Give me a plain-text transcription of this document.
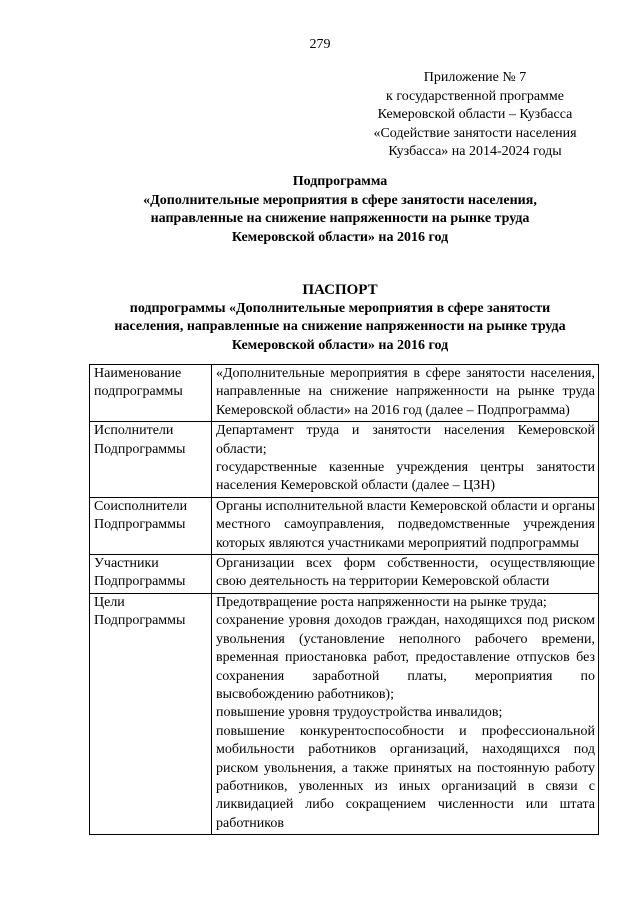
279
Приложение № 7
к государственной программе
Кемеровской области – Кузбасса
«Содействие занятости населения
Кузбасса» на 2014-2024 годы
Подпрограмма
«Дополнительные мероприятия в сфере занятости населения,
направленные на снижение напряженности на рынке труда
Кемеровской области» на 2016 год
ПАСПОРТ
подпрограммы «Дополнительные мероприятия в сфере занятости
населения, направленные на снижение напряженности на рынке труда
Кемеровской области» на 2016 год
Наименование подпрограммы	«Дополнительные мероприятия в сфере занятости населения, направленные на снижение напряженности на рынке труда Кемеровской области» на 2016 год (далее – Подпрограмма)

Исполнители Подпрограммы	Департамент труда и занятости населения Кемеровской области;
государственные казенные учреждения центры занятости населения Кемеровской области (далее – ЦЗН)

Соисполнители Подпрограммы	Органы исполнительной власти Кемеровской области и органы местного самоуправления, подведомственные учреждения которых являются участниками мероприятий подпрограммы

Участники Подпрограммы	Организации всех форм собственности, осуществляющие свою деятельность на территории Кемеровской области

Цели Подпрограммы	Предотвращение роста напряженности на рынке труда;
сохранение уровня доходов граждан, находящихся под риском увольнения (установление неполного рабочего времени, временная приостановка работ, предоставление отпусков без сохранения заработной платы, мероприятия по высвобождению работников);
повышение уровня трудоустройства инвалидов;
повышение конкурентоспособности и профессиональной мобильности работников организаций, находящихся под риском увольнения, а также принятых на постоянную работу работников, уволенных из иных организаций в связи с ликвидацией либо сокращением численности или штата работников
